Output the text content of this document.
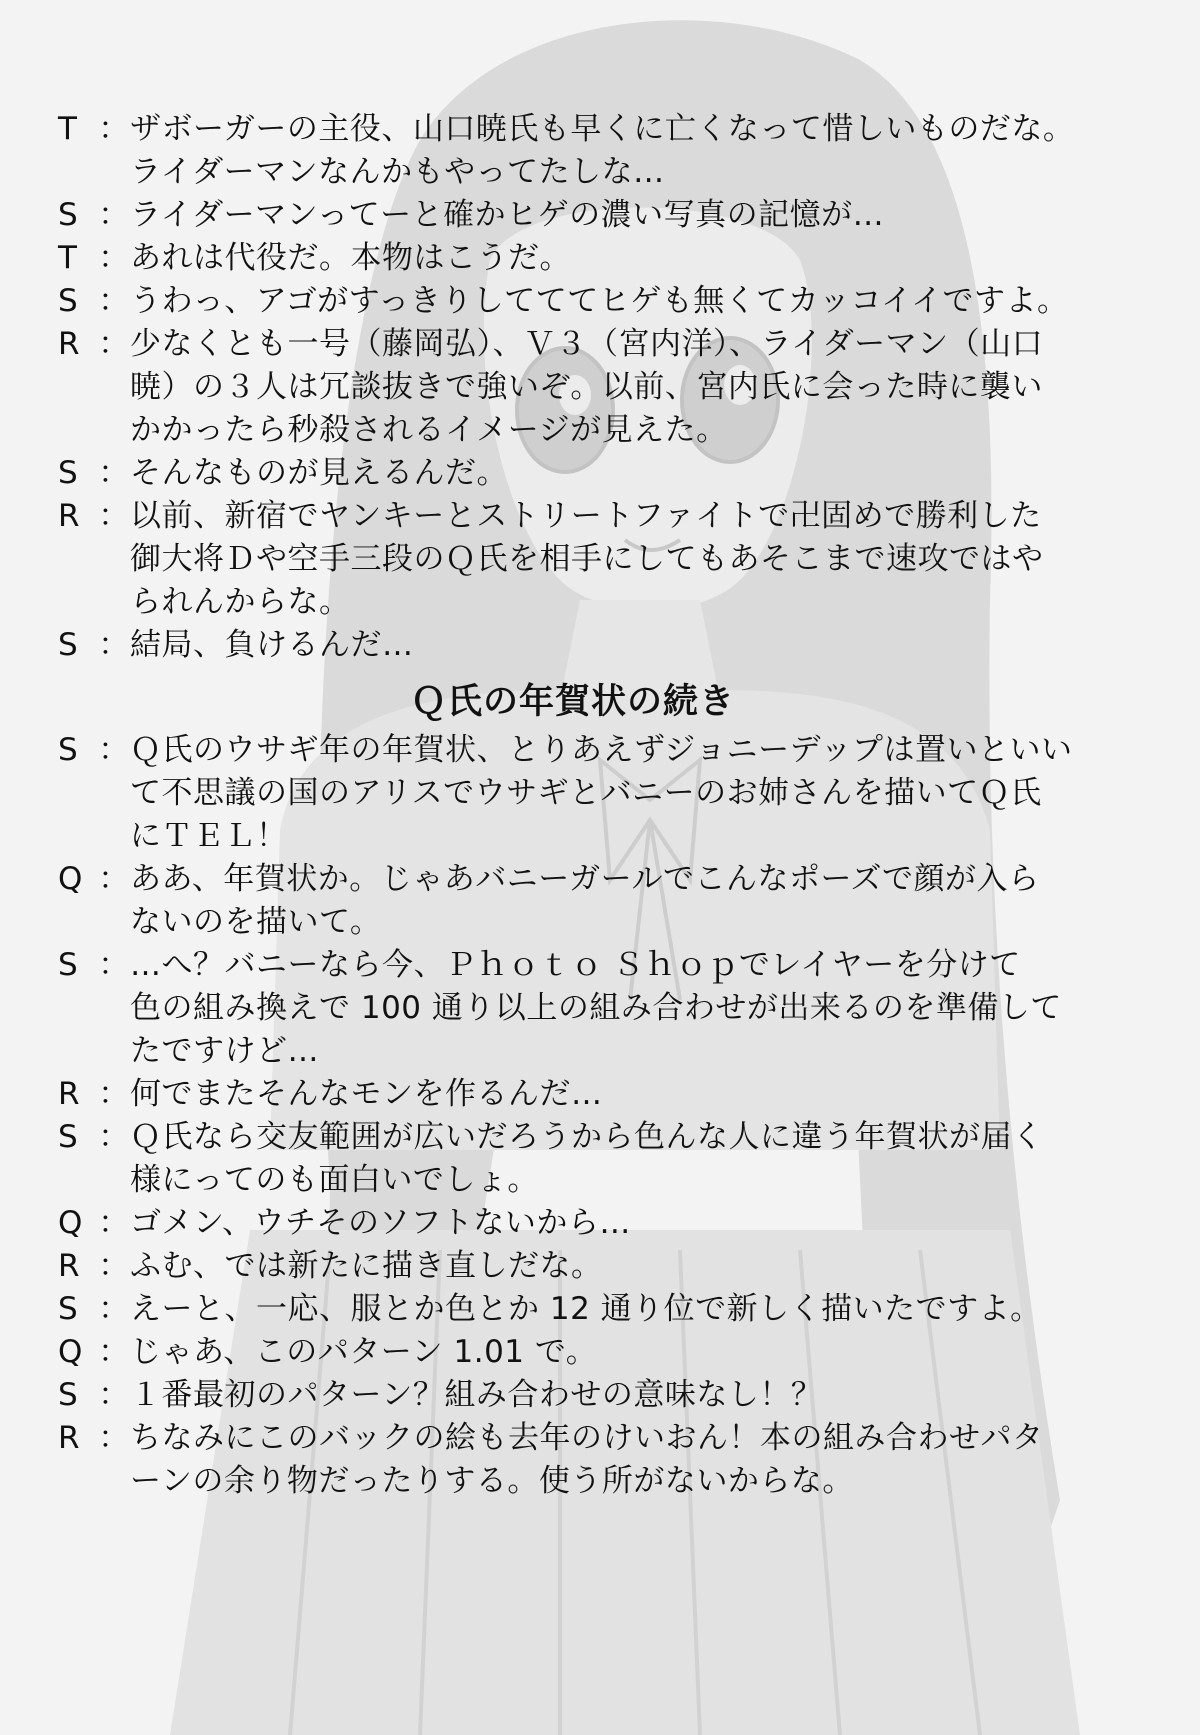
T ： ザボーガーの主役、山口暁氏も早くに亡くなって惜しいものだな。
ライダーマンなんかもやってたしな…
S ： ライダーマンってーと確かヒゲの濃い写真の記憶が…
T ： あれは代役だ。本物はこうだ。
S ： うわっ、アゴがすっきりしてててヒゲも無くてカッコイイですよ。
R ： 少なくとも一号（藤岡弘）、Ｖ３（宮内洋）、ライダーマン（山口
暁）の３人は冗談抜きで強いぞ。以前、宮内氏に会った時に襲い
かかったら秒殺されるイメージが見えた。
S ： そんなものが見えるんだ。
R ： 以前、新宿でヤンキーとストリートファイトで卍固めで勝利した
御大将Ｄや空手三段のＱ氏を相手にしてもあそこまで速攻ではや
られんからな。
S ： 結局、負けるんだ…
Ｑ氏の年賀状の続き
S ： Ｑ氏のウサギ年の年賀状、とりあえずジョニーデップは置いといい
て不思議の国のアリスでウサギとバニーのお姉さんを描いてＱ氏
にＴＥＬ！
Q ： ああ、年賀状か。じゃあバニーガールでこんなポーズで顔が入ら
ないのを描いて。
S ： …へ？バニーなら今、Ｐｈｏｔｏ Ｓｈｏｐでレイヤーを分けて
色の組み換えで 100 通り以上の組み合わせが出来るのを準備して
たですけど…
R ： 何でまたそんなモンを作るんだ…
S ： Ｑ氏なら交友範囲が広いだろうから色んな人に違う年賀状が届く
様にってのも面白いでしょ。
Q ： ゴメン、ウチそのソフトないから…
R ： ふむ、では新たに描き直しだな。
S ： えーと、一応、服とか色とか 12 通り位で新しく描いたですよ。
Q ： じゃあ、このパターン 1.01 で。
S ： １番最初のパターン？組み合わせの意味なし！？
R ： ちなみにこのバックの絵も去年のけいおん！本の組み合わせパタ
ーンの余り物だったりする。使う所がないからな。
